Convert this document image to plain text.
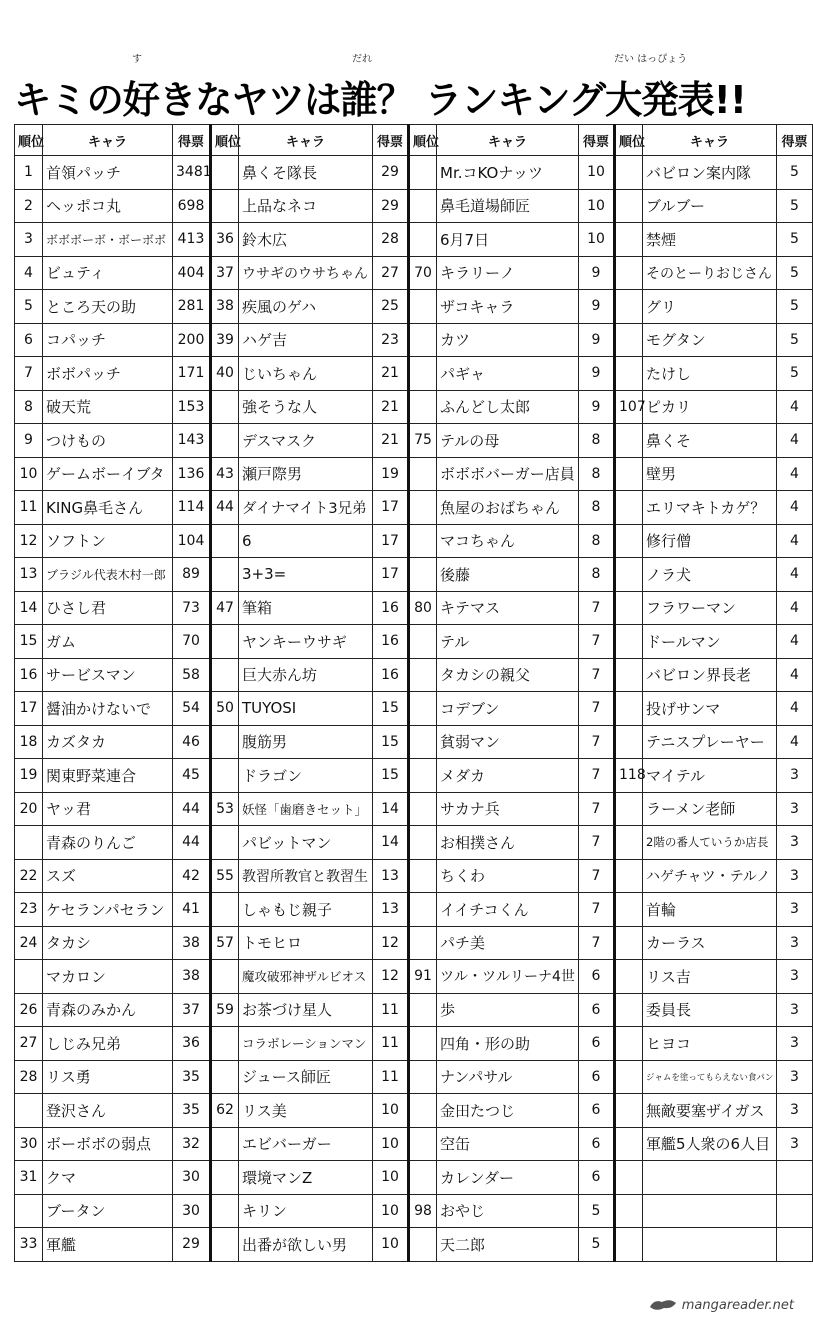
す	だれ	だい はっぴょう
キミの好きなヤツは誰？ ランキング大発表!!
順位	キャラ	得票	順位	キャラ	得票	順位	キャラ	得票	順位	キャラ	得票
1	首領パッチ	3481		鼻くそ隊長	29		Mr.コKOナッツ	10		バビロン案内隊	5
2	ヘッポコ丸	698		上品なネコ	29		鼻毛道場師匠	10		ブルブー	5
3	ボボボーボ・ボーボボ	413	36	鈴木広	28		6月7日	10		禁煙	5
4	ビュティ	404	37	ウサギのウサちゃん	27	70	キラリーノ	9		そのとーりおじさん	5
5	ところ天の助	281	38	疾風のゲハ	25		ザコキャラ	9		グリ	5
6	コパッチ	200	39	ハゲ吉	23		カツ	9		モグタン	5
7	ボボパッチ	171	40	じいちゃん	21		パギャ	9		たけし	5
8	破天荒	153		強そうな人	21		ふんどし太郎	9	107	ピカリ	4
9	つけもの	143		デスマスク	21	75	テルの母	8		鼻くそ	4
10	ゲームボーイブタ	136	43	瀬戸際男	19		ボボボバーガー店員	8		壁男	4
11	KING鼻毛さん	114	44	ダイナマイト3兄弟	17		魚屋のおばちゃん	8		エリマキトカゲ？	4
12	ソフトン	104		6	17		マコちゃん	8		修行僧	4
13	ブラジル代表木村一郎	89		3+3=	17		後藤	8		ノラ犬	4
14	ひさし君	73	47	筆箱	16	80	キテマス	7		フラワーマン	4
15	ガム	70		ヤンキーウサギ	16		テル	7		ドールマン	4
16	サービスマン	58		巨大赤ん坊	16		タカシの親父	7		バビロン界長老	4
17	醤油かけないで	54	50	TUYOSI	15		コデブン	7		投げサンマ	4
18	カズタカ	46		腹筋男	15		貧弱マン	7		テニスプレーヤー	4
19	関東野菜連合	45		ドラゴン	15		メダカ	7	118	マイテル	3
20	ヤッ君	44	53	妖怪「歯磨きセット」	14		サカナ兵	7		ラーメン老師	3
	青森のりんご	44		パビットマン	14		お相撲さん	7		2階の番人ていうか店長	3
22	スズ	42	55	教習所教官と教習生	13		ちくわ	7		ハゲチャツ・テルノ	3
23	ケセランパセラン	41		しゃもじ親子	13		イイチコくん	7		首輪	3
24	タカシ	38	57	トモヒロ	12		パチ美	7		カーラス	3
	マカロン	38		魔攻破邪神ザルビオス	12	91	ツル・ツルリーナ4世	6		リス吉	3
26	青森のみかん	37	59	お茶づけ星人	11		歩	6		委員長	3
27	しじみ兄弟	36		コラボレーションマン	11		四角・形の助	6		ヒヨコ	3
28	リス勇	35		ジュース師匠	11		ナンパサル	6		ジャムを塗ってもらえない食パン	3
	登沢さん	35	62	リス美	10		金田たつじ	6		無敵要塞ザイガス	3
30	ボーボボの弱点	32		エビバーガー	10		空缶	6		軍艦5人衆の6人目	3
31	クマ	30		環境マンZ	10		カレンダー	6			
	ブータン	30		キリン	10	98	おやじ	5			
33	軍艦	29		出番が欲しい男	10		天二郎	5			
mangareader.net
